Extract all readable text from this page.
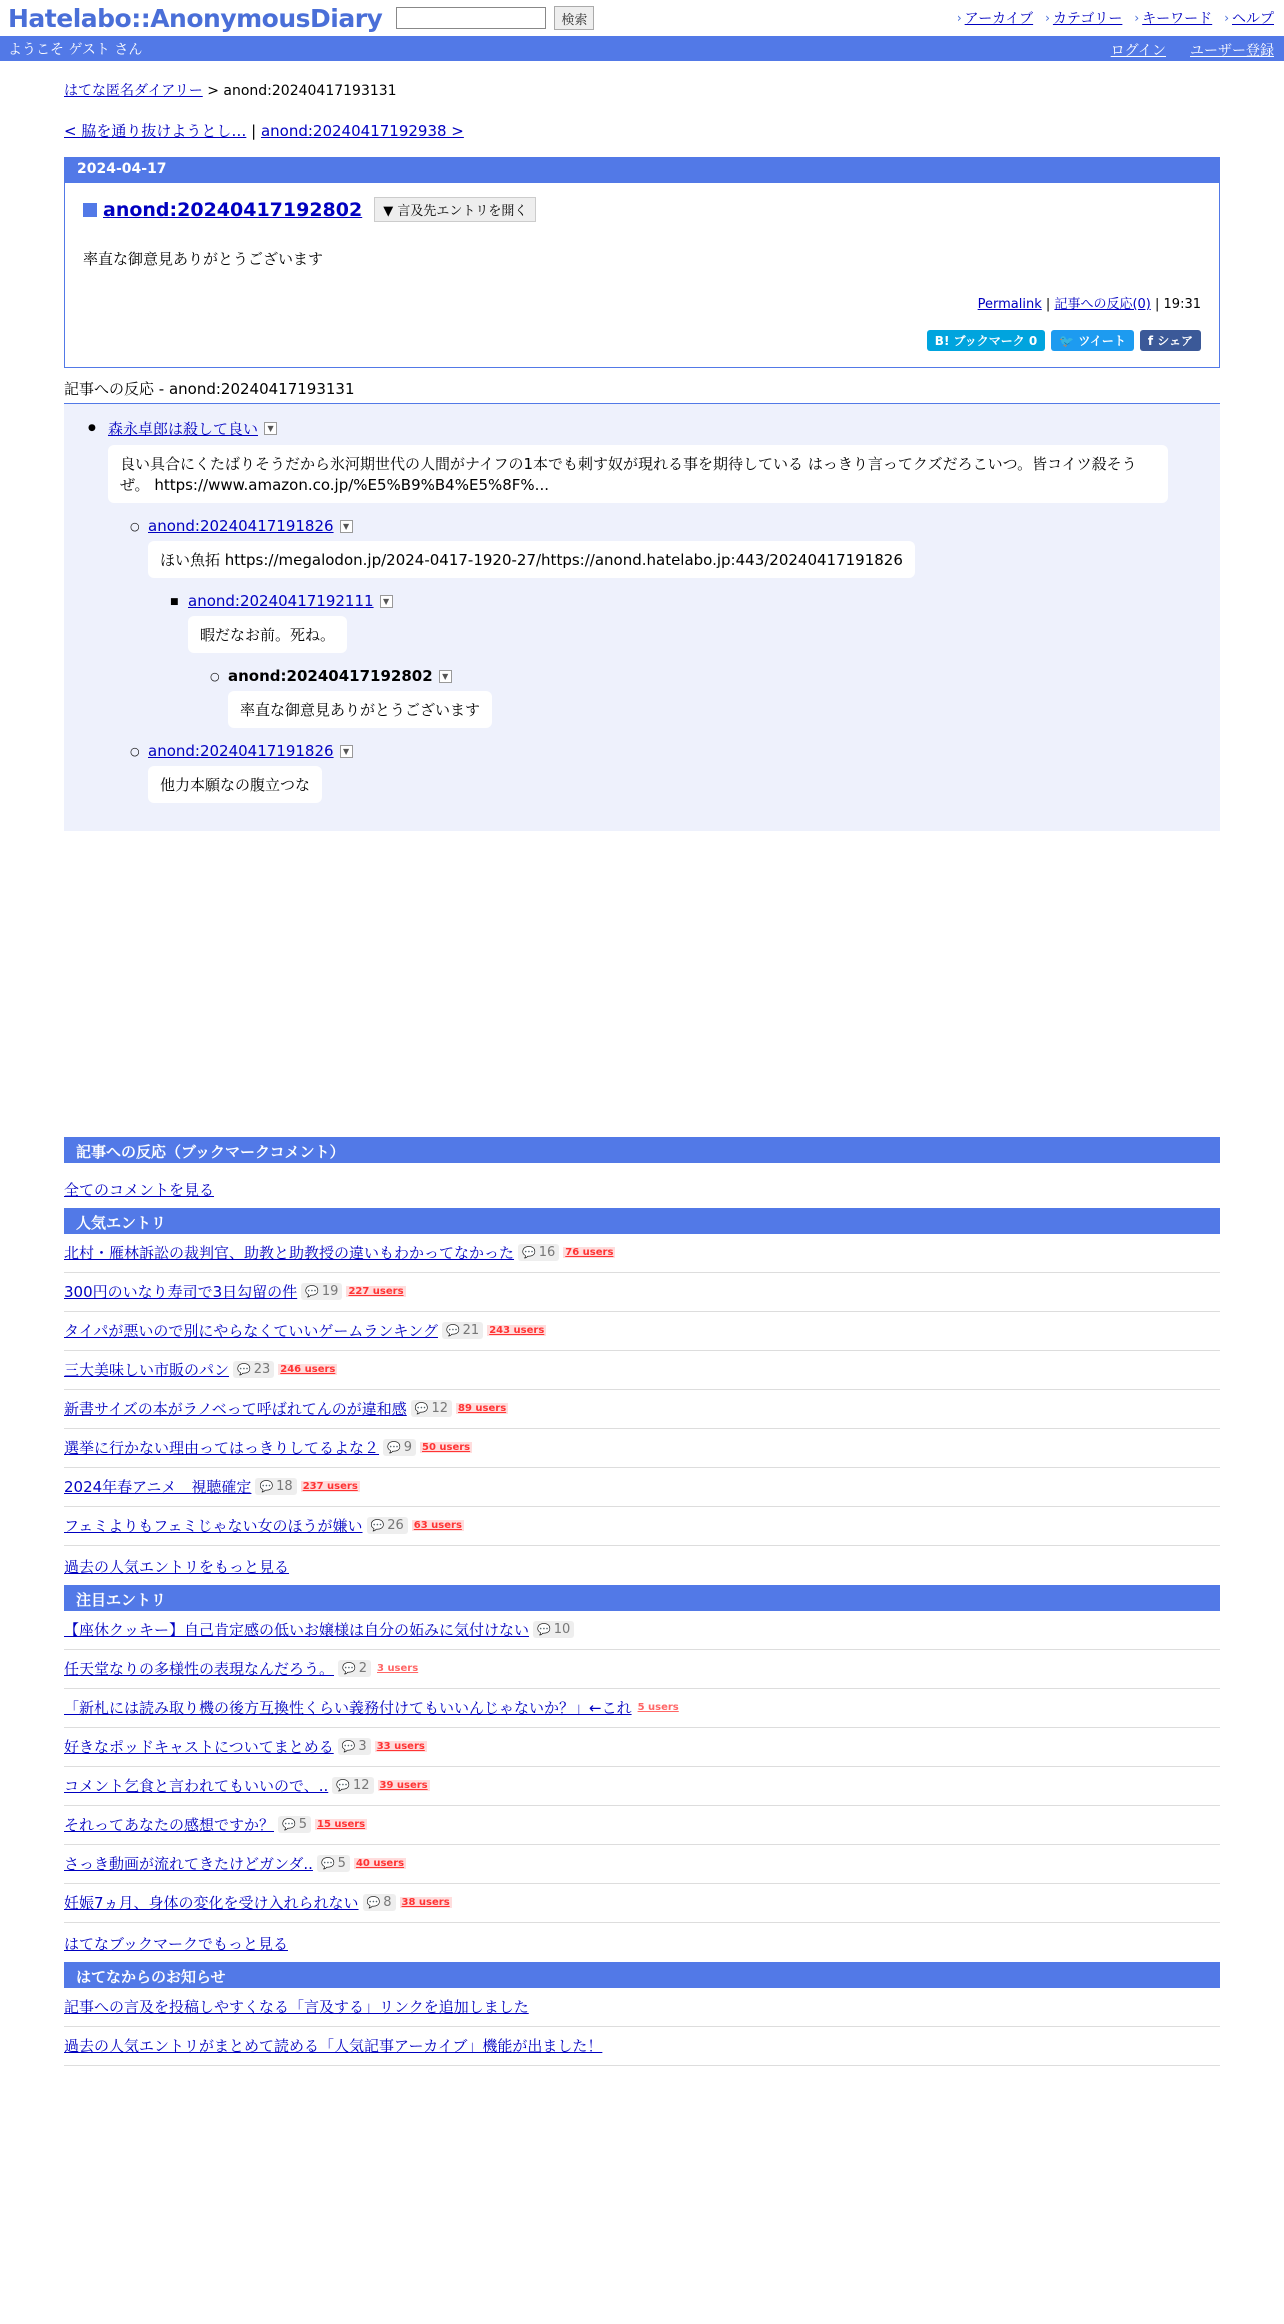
Hatelabo::AnonymousDiary	検索	› アーカイブ › カテゴリー › キーワード › ヘルプ
ようこそ ゲスト さん	ログイン ユーザー登録
はてな匿名ダイアリー > anond:20240417193131
< 脇を通り抜けようとし… | anond:20240417192938 >
2024-04-17
anond:20240417192802	▼ 言及先エントリを開く
率直な御意見ありがとうございます
Permalink | 記事への反応(0) | 19:31
B! ブックマーク 0	🐦 ツイート	f シェア
記事への反応 - anond:20240417193131
● 森永卓郎は殺して良い	▼
良い具合にくたばりそうだから氷河期世代の人間がナイフの1本でも刺す奴が現れる事を期待している はっきり言ってクズだろこいつ。皆コイツ殺そうぜ。 https://www.amazon.co.jp/%E5%B9%B4%E5%8F%...
○ anond:20240417191826	▼
ほい魚拓 https://megalodon.jp/2024-0417-1920-27/https://anond.hatelabo.jp:443/20240417191826
■ anond:20240417192111	▼
暇だなお前。死ね。
○ anond:20240417192802	▼
率直な御意見ありがとうございます
○ anond:20240417191826	▼
他力本願なの腹立つな
記事への反応（ブックマークコメント）
全てのコメントを見る
人気エントリ
北村・雁林訴訟の裁判官、助教と助教授の違いもわかってなかった 💬 16 76 users
300円のいなり寿司で3日勾留の件 💬 19 227 users
タイパが悪いので別にやらなくていいゲームランキング 💬 21 243 users
三大美味しい市販のパン 💬 23 246 users
新書サイズの本がラノベって呼ばれてんのが違和感 💬 12 89 users
選挙に行かない理由ってはっきりしてるよな２ 💬 9 50 users
2024年春アニメ　視聴確定 💬 18 237 users
フェミよりもフェミじゃない女のほうが嫌い 💬 26 63 users
過去の人気エントリをもっと見る
注目エントリ
【座休クッキー】自己肯定感の低いお嬢様は自分の妬みに気付けない 💬 10
任天堂なりの多様性の表現なんだろう。 💬 2 3 users
「新札には読み取り機の後方互換性くらい義務付けてもいいんじゃないか？」←これ 5 users
好きなポッドキャストについてまとめる 💬 3 33 users
コメント乞食と言われてもいいので、.. 💬 12 39 users
それってあなたの感想ですか？ 💬 5 15 users
さっき動画が流れてきたけどガンダ.. 💬 5 40 users
妊娠7ヵ月、身体の変化を受け入れられない 💬 8 38 users
はてなブックマークでもっと見る
はてなからのお知らせ
記事への言及を投稿しやすくなる「言及する」リンクを追加しました
過去の人気エントリがまとめて読める「人気記事アーカイブ」機能が出ました！
